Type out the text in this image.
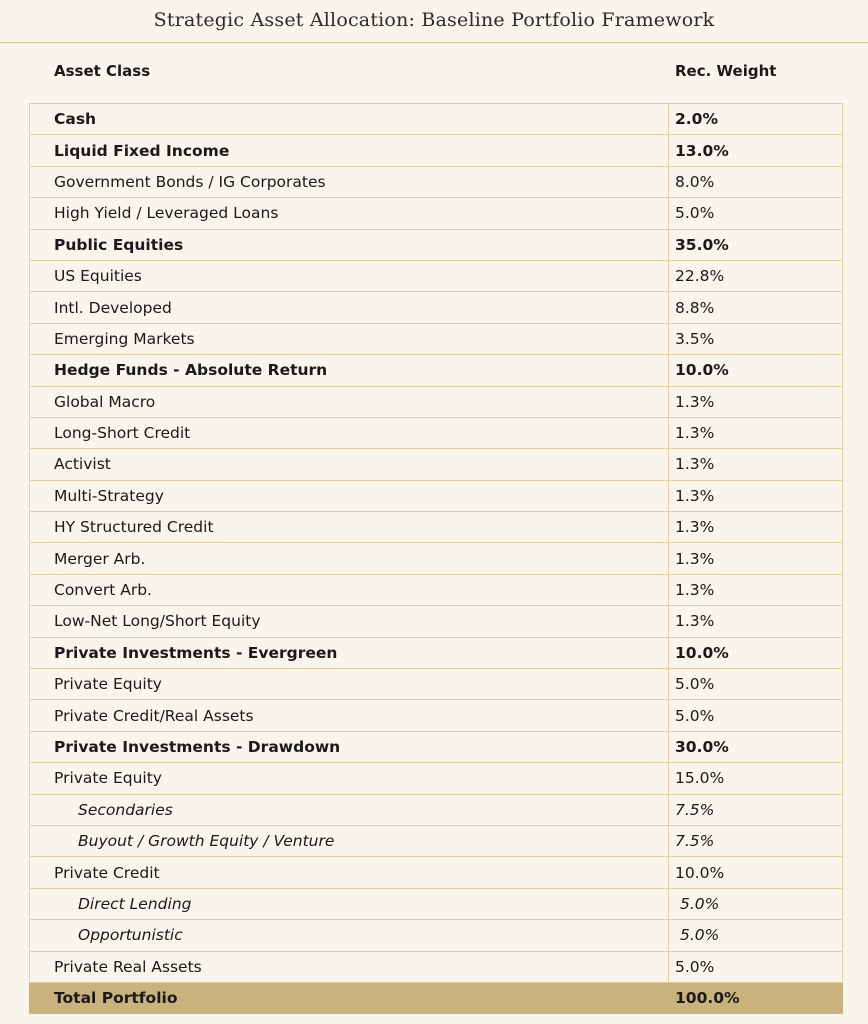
Strategic Asset Allocation: Baseline Portfolio Framework
Asset Class	Rec. Weight
Cash	2.0%
Liquid Fixed Income	13.0%
Government Bonds / IG Corporates	8.0%
High Yield / Leveraged Loans	5.0%
Public Equities	35.0%
US Equities	22.8%
Intl. Developed	8.8%
Emerging Markets	3.5%
Hedge Funds - Absolute Return	10.0%
Global Macro	1.3%
Long-Short Credit	1.3%
Activist	1.3%
Multi-Strategy	1.3%
HY Structured Credit	1.3%
Merger Arb.	1.3%
Convert Arb.	1.3%
Low-Net Long/Short Equity	1.3%
Private Investments - Evergreen	10.0%
Private Equity	5.0%
Private Credit/Real Assets	5.0%
Private Investments - Drawdown	30.0%
Private Equity	15.0%
Secondaries	7.5%
Buyout / Growth Equity / Venture	7.5%
Private Credit	10.0%
Direct Lending	5.0%
Opportunistic	5.0%
Private Real Assets	5.0%
Total Portfolio	100.0%
